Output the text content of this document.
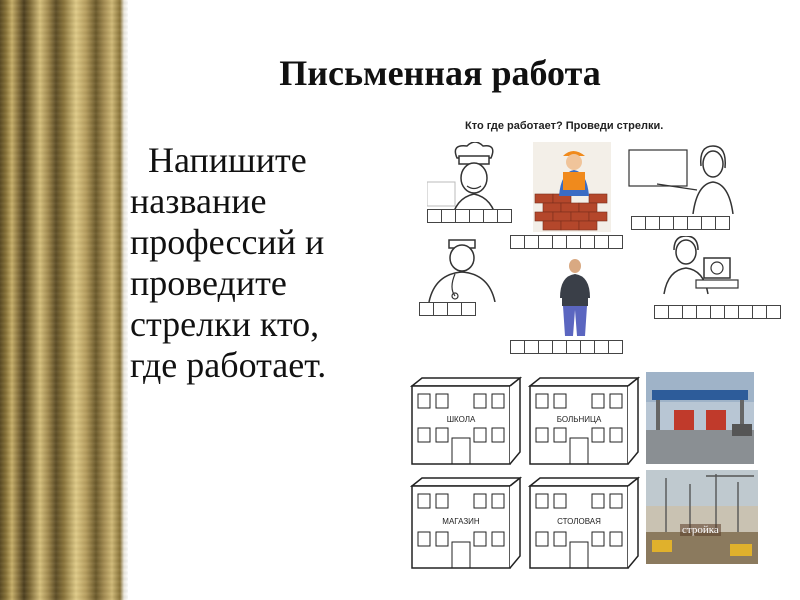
Письменная работа
Напишите
название
профессий и
проведите
стрелки кто,
где работает.
Кто где работает? Проведи стрелки.
ШКОЛА	БОЛЬНИЦА
МАГАЗИН	СТОЛОВАЯ
стройка
